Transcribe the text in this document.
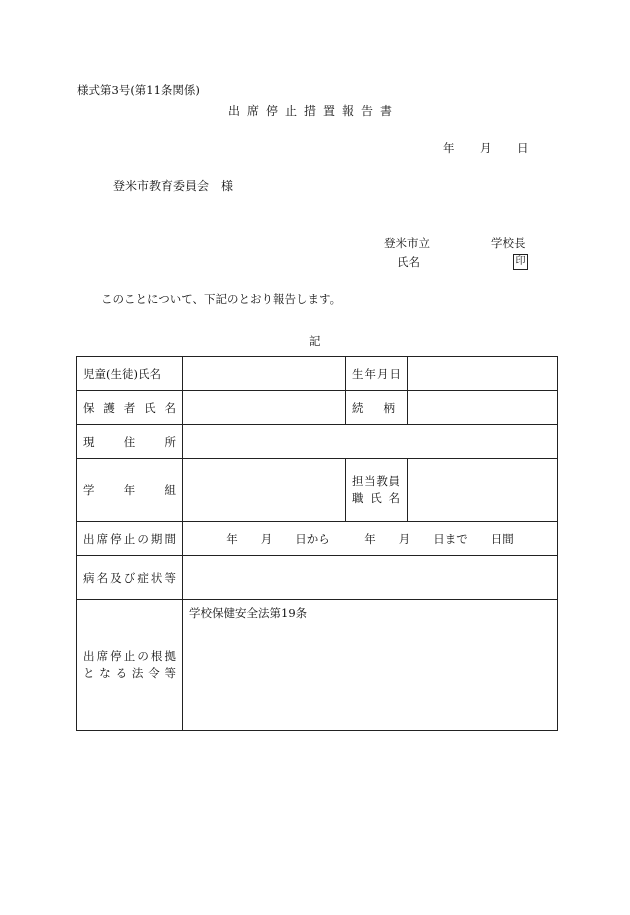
様式第3号(第11条関係)
出席停止措置報告書
年 月 日
登米市教育委員会　様
登米市立	学校長
氏名	印
このことについて、下記のとおり報告します。
記
児童(生徒)氏名		生年月日	
保護者氏名		続柄	

現住所			
学年組		担当教員
職氏名	

出席停止の期間	年　　月　　日から　　　年　　月　　日まで　　日間		
病名及び症状等			

出席停止の根拠
となる法令等	学校保健安全法第19条		
